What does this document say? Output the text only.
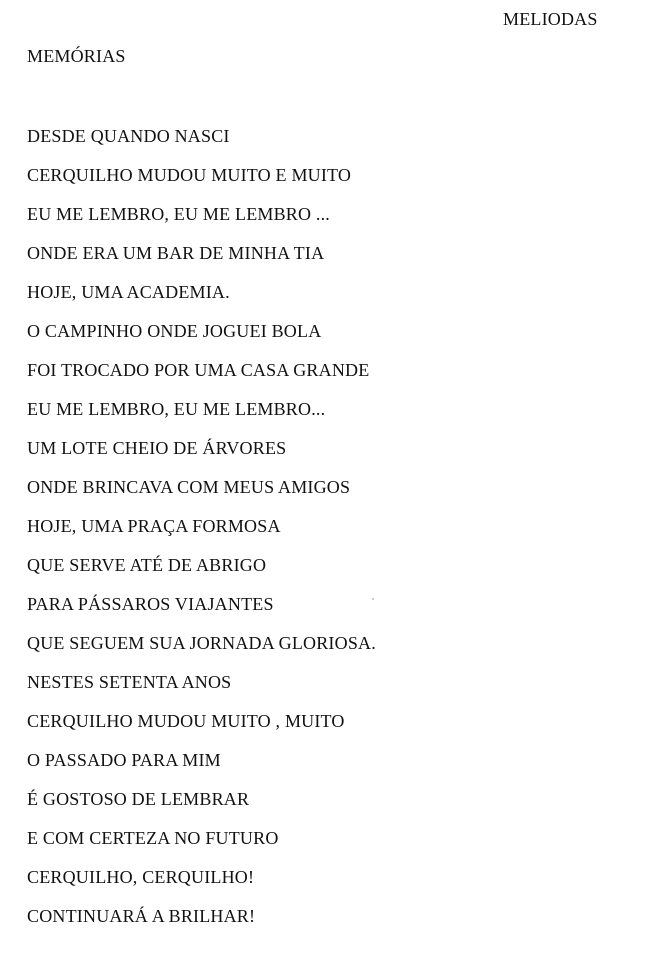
MELIODAS
MEMÓRIAS
DESDE QUANDO NASCI
CERQUILHO MUDOU MUITO E MUITO
EU ME LEMBRO, EU ME LEMBRO ...
ONDE ERA UM BAR DE MINHA TIA
HOJE, UMA ACADEMIA.
O CAMPINHO ONDE JOGUEI BOLA
FOI TROCADO POR UMA CASA GRANDE
EU ME LEMBRO, EU ME LEMBRO...
UM LOTE CHEIO DE ÁRVORES
ONDE BRINCAVA COM MEUS AMIGOS
HOJE, UMA PRAÇA FORMOSA
QUE SERVE ATÉ DE ABRIGO
PARA PÁSSAROS VIAJANTES
QUE SEGUEM SUA JORNADA GLORIOSA.
NESTES SETENTA ANOS
CERQUILHO MUDOU MUITO , MUITO
O PASSADO PARA MIM
É GOSTOSO DE LEMBRAR
E COM CERTEZA NO FUTURO
CERQUILHO, CERQUILHO!
CONTINUARÁ A BRILHAR!
